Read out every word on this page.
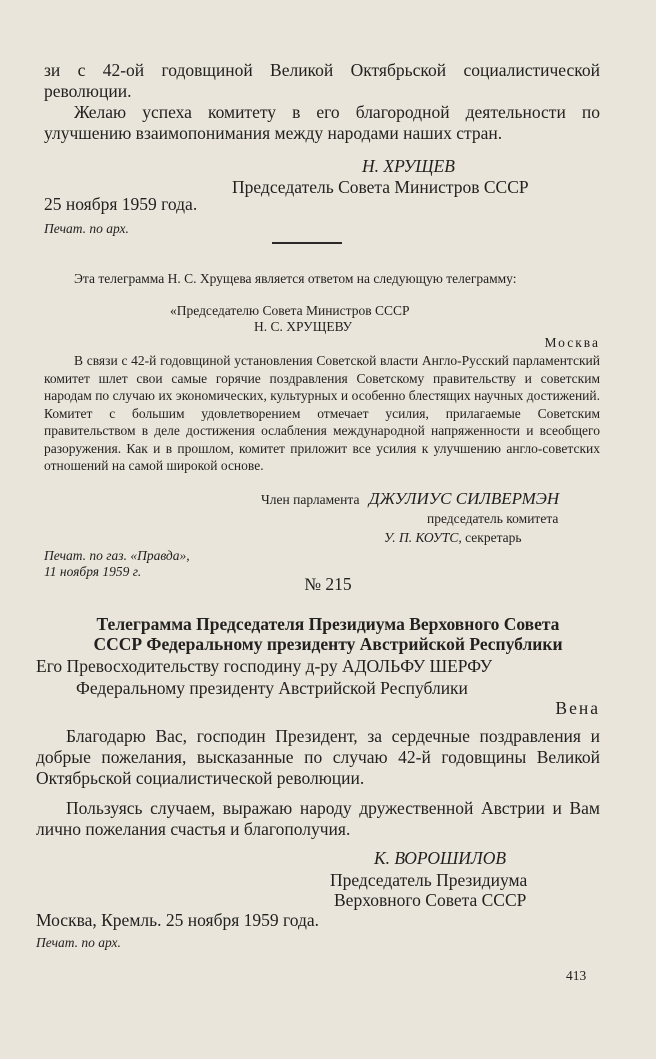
зи с 42-ой годовщиной Великой Октябрьской социалистической революции.

Желаю успеха комитету в его благородной деятельности по улучшению взаимопонимания между народами наших стран.

Н. ХРУЩЕВ

Председатель Совета Министров СССР

25 ноября 1959 года.

Печат. по арх.

Эта телеграмма Н. С. Хрущева является ответом на следующую телеграмму:

«Председателю Совета Министров СССР

Н. С. ХРУЩЕВУ

Москва

В связи с 42-й годовщиной установления Советской власти Англо-Русский парламентский комитет шлет свои самые горячие поздравления Советскому правительству и советским народам по случаю их экономических, культурных и особенно блестящих научных достижений. Комитет с большим удовлетворением отмечает усилия, прилагаемые Советским правительством в деле достижения ослабления международной напряженности и всеобщего разоружения. Как и в прошлом, комитет приложит все усилия к улучшению англо-советских отношений на самой широкой основе.

Член парламента ДЖУЛИУС СИЛВЕРМЭН

председатель комитета

У. П. КОУТС, секретарь

Печат. по газ. «Правда»,

11 ноября 1959 г.

№ 215

Телеграмма Председателя Президиума Верховного Совета

СССР Федеральному президенту Австрийской Республики

Его Превосходительству господину д-ру АДОЛЬФУ ШЕРФУ

Федеральному президенту Австрийской Республики

Вена

Благодарю Вас, господин Президент, за сердечные поздравления и добрые пожелания, высказанные по случаю 42-й годовщины Великой Октябрьской социалистической революции.

Пользуясь случаем, выражаю народу дружественной Австрии и Вам лично пожелания счастья и благополучия.

К. ВОРОШИЛОВ

Председатель Президиума

Верховного Совета СССР

Москва, Кремль. 25 ноября 1959 года.

Печат. по арх.

413
